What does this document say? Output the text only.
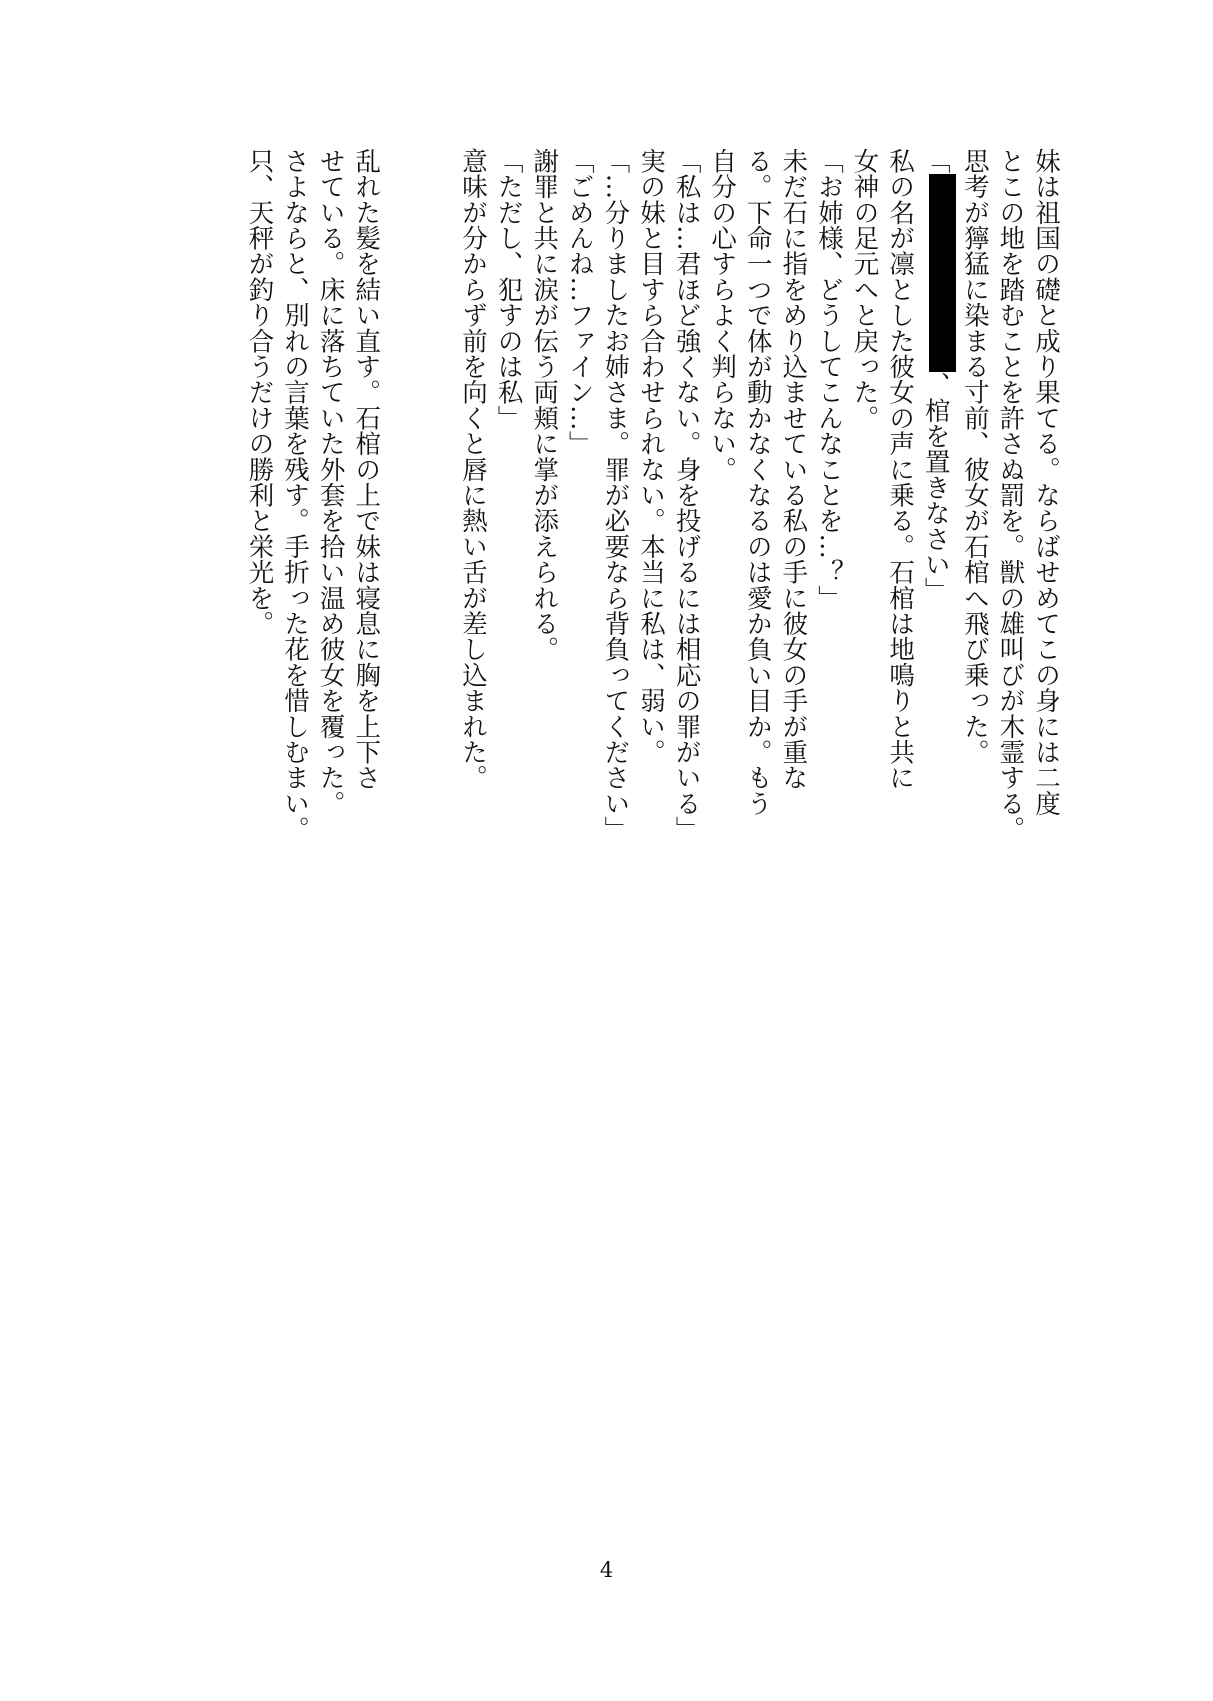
妹は祖国の礎と成り果てる。ならばせめてこの身には二度
とこの地を踏むことを許さぬ罰を。獣の雄叫びが木霊する。
思考が獰猛に染まる寸前、彼女が石棺へ飛び乗った。
「、棺を置きなさい」
私の名が凛とした彼女の声に乗る。石棺は地鳴りと共に
女神の足元へと戻った。
「お姉様、どうしてこんなことを…？」
未だ石に指をめり込ませている私の手に彼女の手が重な
る。下命一つで体が動かなくなるのは愛か負い目か。もう
自分の心すらよく判らない。
「私は…君ほど強くない。身を投げるには相応の罪がいる」
実の妹と目すら合わせられない。本当に私は、弱い。
「…分りましたお姉さま。罪が必要なら背負ってください」
「ごめんね…ファイン…」
謝罪と共に涙が伝う両頬に掌が添えられる。
「ただし、犯すのは私」
意味が分からず前を向くと唇に熱い舌が差し込まれた。
乱れた髪を結い直す。石棺の上で妹は寝息に胸を上下さ
せている。床に落ちていた外套を拾い温め彼女を覆った。
さよならと、別れの言葉を残す。手折った花を惜しむまい。
只、天秤が釣り合うだけの勝利と栄光を。
4
